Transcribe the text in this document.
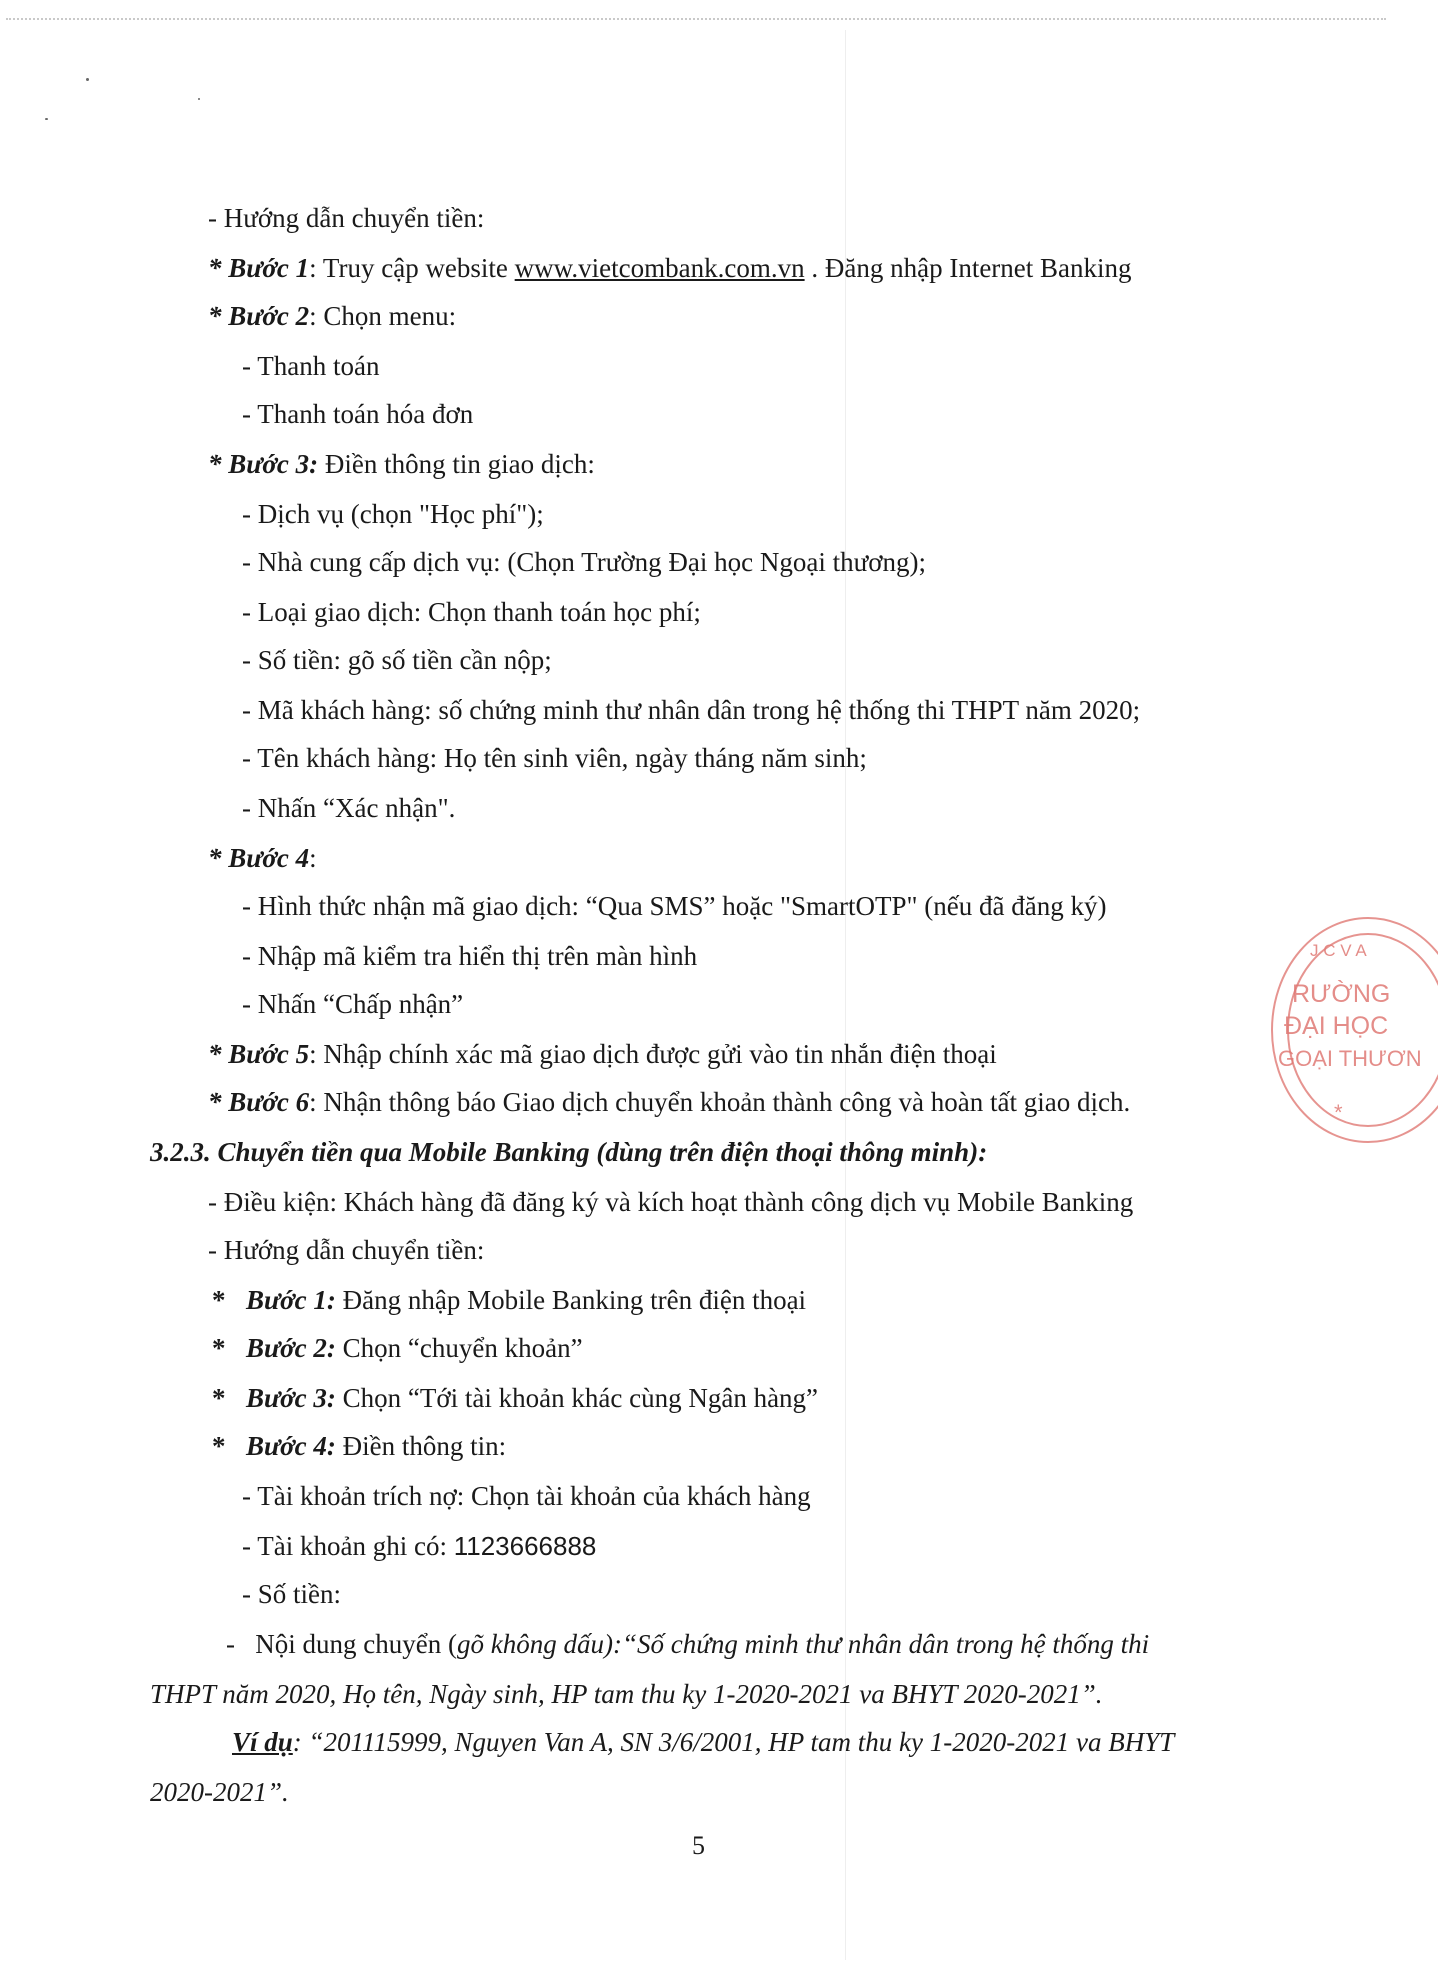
- Hướng dẫn chuyển tiền:
* Bước 1: Truy cập website www.vietcombank.com.vn . Đăng nhập Internet Banking
* Bước 2: Chọn menu:
- Thanh toán
- Thanh toán hóa đơn
* Bước 3: Điền thông tin giao dịch:
- Dịch vụ (chọn "Học phí");
- Nhà cung cấp dịch vụ: (Chọn Trường Đại học Ngoại thương);
- Loại giao dịch: Chọn thanh toán học phí;
- Số tiền: gõ số tiền cần nộp;
- Mã khách hàng: số chứng minh thư nhân dân trong hệ thống thi THPT năm 2020;
- Tên khách hàng: Họ tên sinh viên, ngày tháng năm sinh;
- Nhấn “Xác nhận".
* Bước 4:
- Hình thức nhận mã giao dịch: “Qua SMS” hoặc "SmartOTP" (nếu đã đăng ký)
- Nhập mã kiểm tra hiển thị trên màn hình
- Nhấn “Chấp nhận”
* Bước 5: Nhập chính xác mã giao dịch được gửi vào tin nhắn điện thoại
* Bước 6: Nhận thông báo Giao dịch chuyển khoản thành công và hoàn tất giao dịch.
3.2.3. Chuyển tiền qua Mobile Banking (dùng trên điện thoại thông minh):
- Điều kiện: Khách hàng đã đăng ký và kích hoạt thành công dịch vụ Mobile Banking
- Hướng dẫn chuyển tiền:
* Bước 1: Đăng nhập Mobile Banking trên điện thoại
* Bước 2: Chọn “chuyển khoản”
* Bước 3: Chọn “Tới tài khoản khác cùng Ngân hàng”
* Bước 4: Điền thông tin:
- Tài khoản trích nợ: Chọn tài khoản của khách hàng
- Tài khoản ghi có: 1123666888
- Số tiền:
- Nội dung chuyển (gõ không dấu):“Số chứng minh thư nhân dân trong hệ thống thi
THPT năm 2020, Họ tên, Ngày sinh, HP tam thu ky 1-2020-2021 va BHYT 2020-2021”.
Ví dụ: “201115999, Nguyen Van A, SN 3/6/2001, HP tam thu ky 1-2020-2021 va BHYT
2020-2021”.
5
J C V A
RƯỜNG
ĐẠI HỌC
GOẠI THƯƠN
*
